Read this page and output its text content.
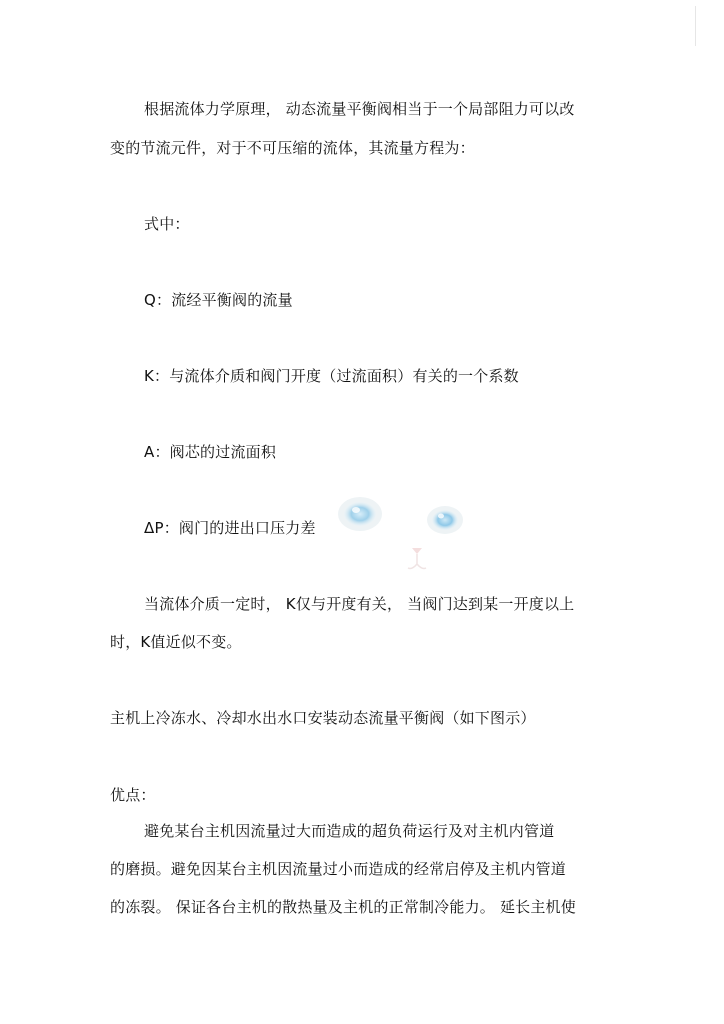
根据流体力学原理， 动态流量平衡阀相当于一个局部阻力可以改
变的节流元件，对于不可压缩的流体，其流量方程为：
式中：
Q：流经平衡阀的流量
K：与流体介质和阀门开度（过流面积）有关的一个系数
A：阀芯的过流面积
ΔP：阀门的进出口压力差
当流体介质一定时， K仅与开度有关， 当阀门达到某一开度以上
时，K值近似不变。
主机上冷冻水、冷却水出水口安装动态流量平衡阀（如下图示）
优点：
避免某台主机因流量过大而造成的超负荷运行及对主机内管道
的磨损。避免因某台主机因流量过小而造成的经常启停及主机内管道
的冻裂。 保证各台主机的散热量及主机的正常制冷能力。 延长主机使
